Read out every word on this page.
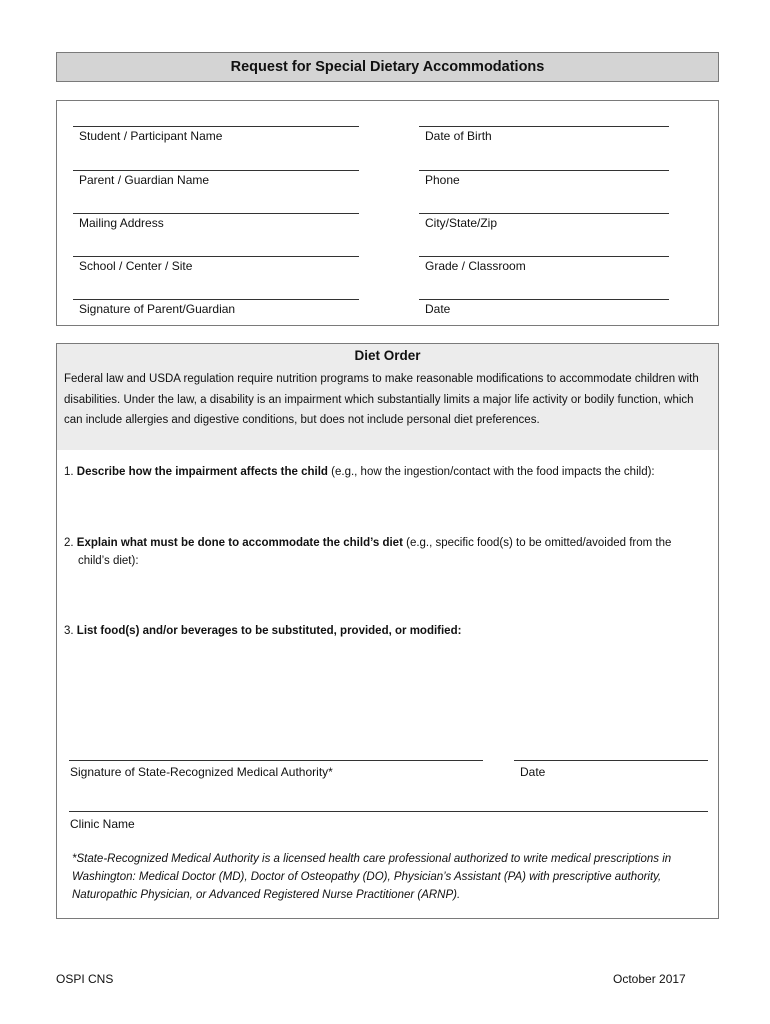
Request for Special Dietary Accommodations
Student / Participant Name	Date of Birth
Parent / Guardian Name	Phone
Mailing Address	City/State/Zip
School / Center / Site	Grade / Classroom
Signature of Parent/Guardian	Date
Diet Order
Federal law and USDA regulation require nutrition programs to make reasonable modifications to accommodate children with disabilities. Under the law, a disability is an impairment which substantially limits a major life activity or bodily function, which can include allergies and digestive conditions, but does not include personal diet preferences.
1. Describe how the impairment affects the child (e.g., how the ingestion/contact with the food impacts the child):
2. Explain what must be done to accommodate the child’s diet (e.g., specific food(s) to be omitted/avoided from the
child’s diet):
3. List food(s) and/or beverages to be substituted, provided, or modified:
Signature of State-Recognized Medical Authority*	Date
Clinic Name
*State-Recognized Medical Authority is a licensed health care professional authorized to write medical prescriptions in Washington: Medical Doctor (MD), Doctor of Osteopathy (DO), Physician’s Assistant (PA) with prescriptive authority, Naturopathic Physician, or Advanced Registered Nurse Practitioner (ARNP).
OSPI CNS	October 2017
